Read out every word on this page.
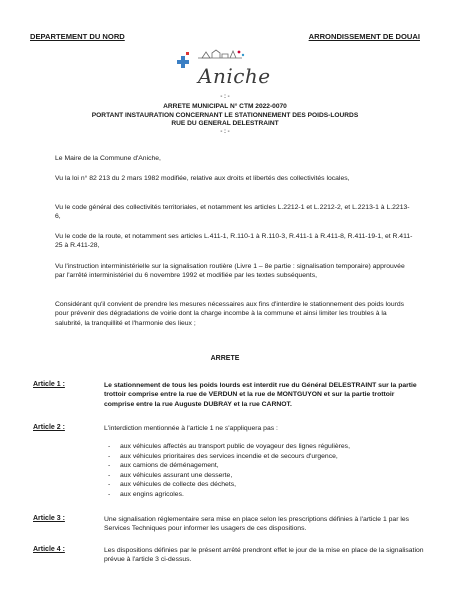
DEPARTEMENT DU NORD	ARRONDISSEMENT DE DOUAI
Aniche
- : -
ARRETE MUNICIPAL N° CTM 2022-0070
PORTANT INSTAURATION CONCERNANT LE STATIONNEMENT DES POIDS-LOURDS
RUE DU GENERAL DELESTRAINT
- : -
Le Maire de la Commune d'Aniche,
Vu la loi n° 82 213 du 2 mars 1982 modifiée, relative aux droits et libertés des collectivités locales,
Vu le code général des collectivités territoriales, et notamment les articles L.2212-1 et L.2212-2, et L.2213-1 à L.2213-6,
Vu le code de la route, et notamment ses articles L.411-1, R.110-1 à R.110-3, R.411-1 à R.411-8, R.411-19-1, et R.411-25 à R.411-28,
Vu l'instruction interministérielle sur la signalisation routière (Livre 1 – 8e partie : signalisation temporaire) approuvée par l'arrêté interministériel du 6 novembre 1992 et modifiée par les textes subséquents,
Considérant qu'il convient de prendre les mesures nécessaires aux fins d'interdire le stationnement des poids lourds pour prévenir des dégradations de voirie dont la charge incombe à la commune et ainsi limiter les troubles à la salubrité, la tranquillité et l'harmonie des lieux ;
ARRETE
Article 1 :	Le stationnement de tous les poids lourds est interdit rue du Général DELESTRAINT sur la partie trottoir comprise entre la rue de VERDUN et la rue de MONTGUYON et sur la partie trottoir comprise entre la rue Auguste DUBRAY et la rue CARNOT.
Article 2 :	L'interdiction mentionnée à l'article 1 ne s'appliquera pas :
- aux véhicules affectés au transport public de voyageur des lignes régulières,
- aux véhicules prioritaires des services incendie et de secours d'urgence,
- aux camions de déménagement,
- aux véhicules assurant une desserte,
- aux véhicules de collecte des déchets,
- aux engins agricoles.
Article 3 :	Une signalisation réglementaire sera mise en place selon les prescriptions définies à l'article 1 par les Services Techniques pour informer les usagers de ces dispositions.
Article 4 :	Les dispositions définies par le présent arrêté prendront effet le jour de la mise en place de la signalisation prévue à l'article 3 ci-dessus.
